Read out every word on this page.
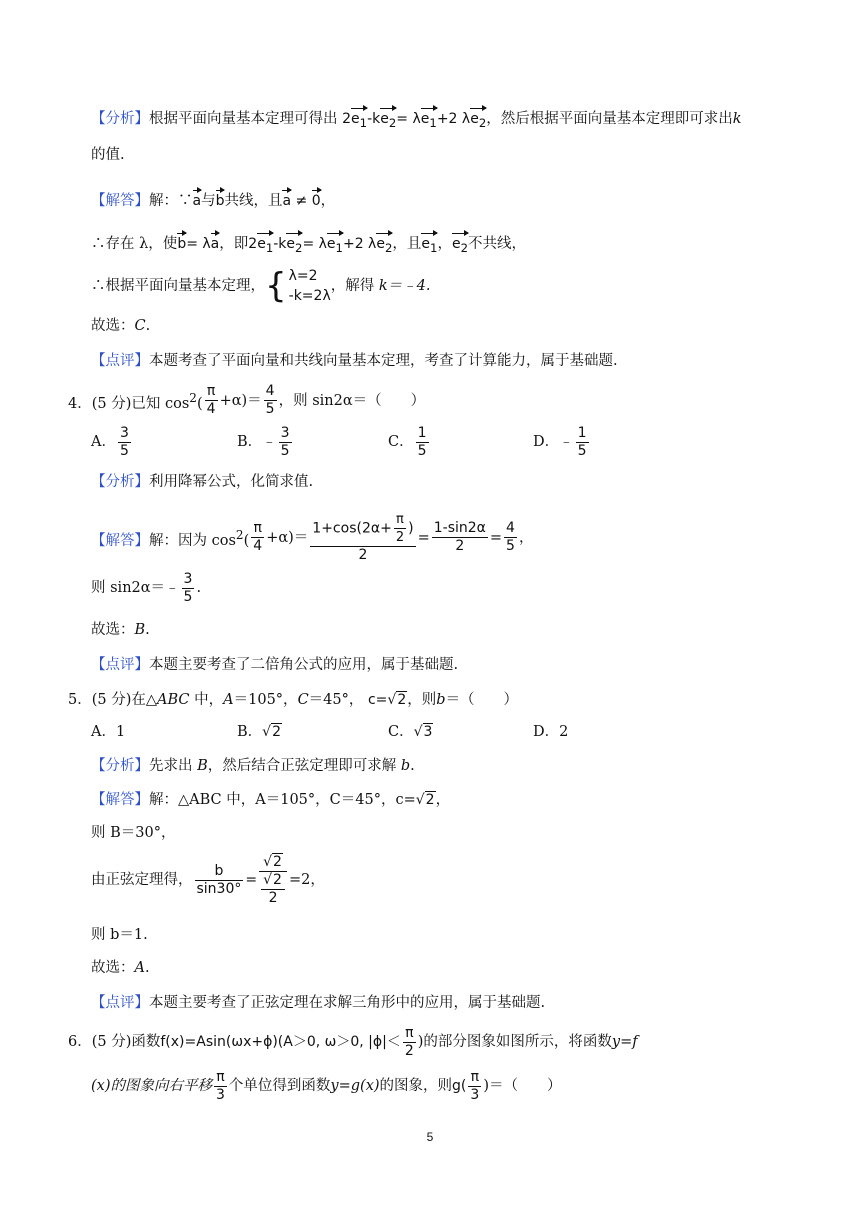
【分析】根据平面向量基本定理可得出 $2e_1-ke_2= \lambda e_1+2$ $\lambda e_2$，然后根据平面向量基本定理即可求出k
的值.
【解答】解：∵a与b共线，且a ≠ 0，
∴存在 λ，使b= λa，即$2e_1-ke_2= \lambda e_1+2$ $\lambda e_2$，且$e_1$，$e_2$不共线，
∴根据平面向量基本定理，{ λ=2
-k=2λ
，解得 k＝﹣4.
故选：C.
【点评】本题考查了平面向量和共线向量基本定理，考查了计算能力，属于基础题.
4．(5 分)已知 $\cos^2( \frac{\pi}{4} +\alpha)= \frac{4}{5}$ ，则 sin2α＝（　　）
A． $\frac{3}{5}$	B．﹣ $\frac{3}{5}$	C． $\frac{1}{5}$	D．﹣ $\frac{1}{5}$
【分析】利用降幂公式，化简求值.
【解答】解：因为 $\cos^2( \frac{\pi}{4} +\alpha)= \frac{1+\cos(2\alpha+ \frac{\pi}{2} )}{2} = \frac{1-\sin 2\alpha}{2} = \frac{4}{5}$ ，
则 sin2α＝﹣ $\frac{3}{5}$ .
故选：B.
【点评】本题主要考查了二倍角公式的应用，属于基础题.
5．(5 分)在△ABC 中，A＝105°，C＝45°， c=√2，则b＝（　　）
A．1	B．√2	C．√3	D．2
【分析】先求出 B，然后结合正弦定理即可求解 b.
【解答】解：△ABC 中，A＝105°，C＝45°，c=√2，
则 B＝30°，
由正弦定理得， $\frac{b}{\sin 30^\circ} = \frac{√2}{\frac{√2}{2}} =2$，
则 b＝1.
故选：A.
【点评】本题主要考查了正弦定理在求解三角形中的应用，属于基础题.
6．(5 分)函数f(x)=Asin(ωx+ϕ)(A＞0, ω＞0, $|\phi|< \frac{\pi}{2}$ )的部分图象如图所示，将函数y=f
(x)的图象向右平移 $\frac{\pi}{3}$ 个单位得到函数y=g(x)的图象，则$g( \frac{\pi}{3}$ )＝（　　）
5
